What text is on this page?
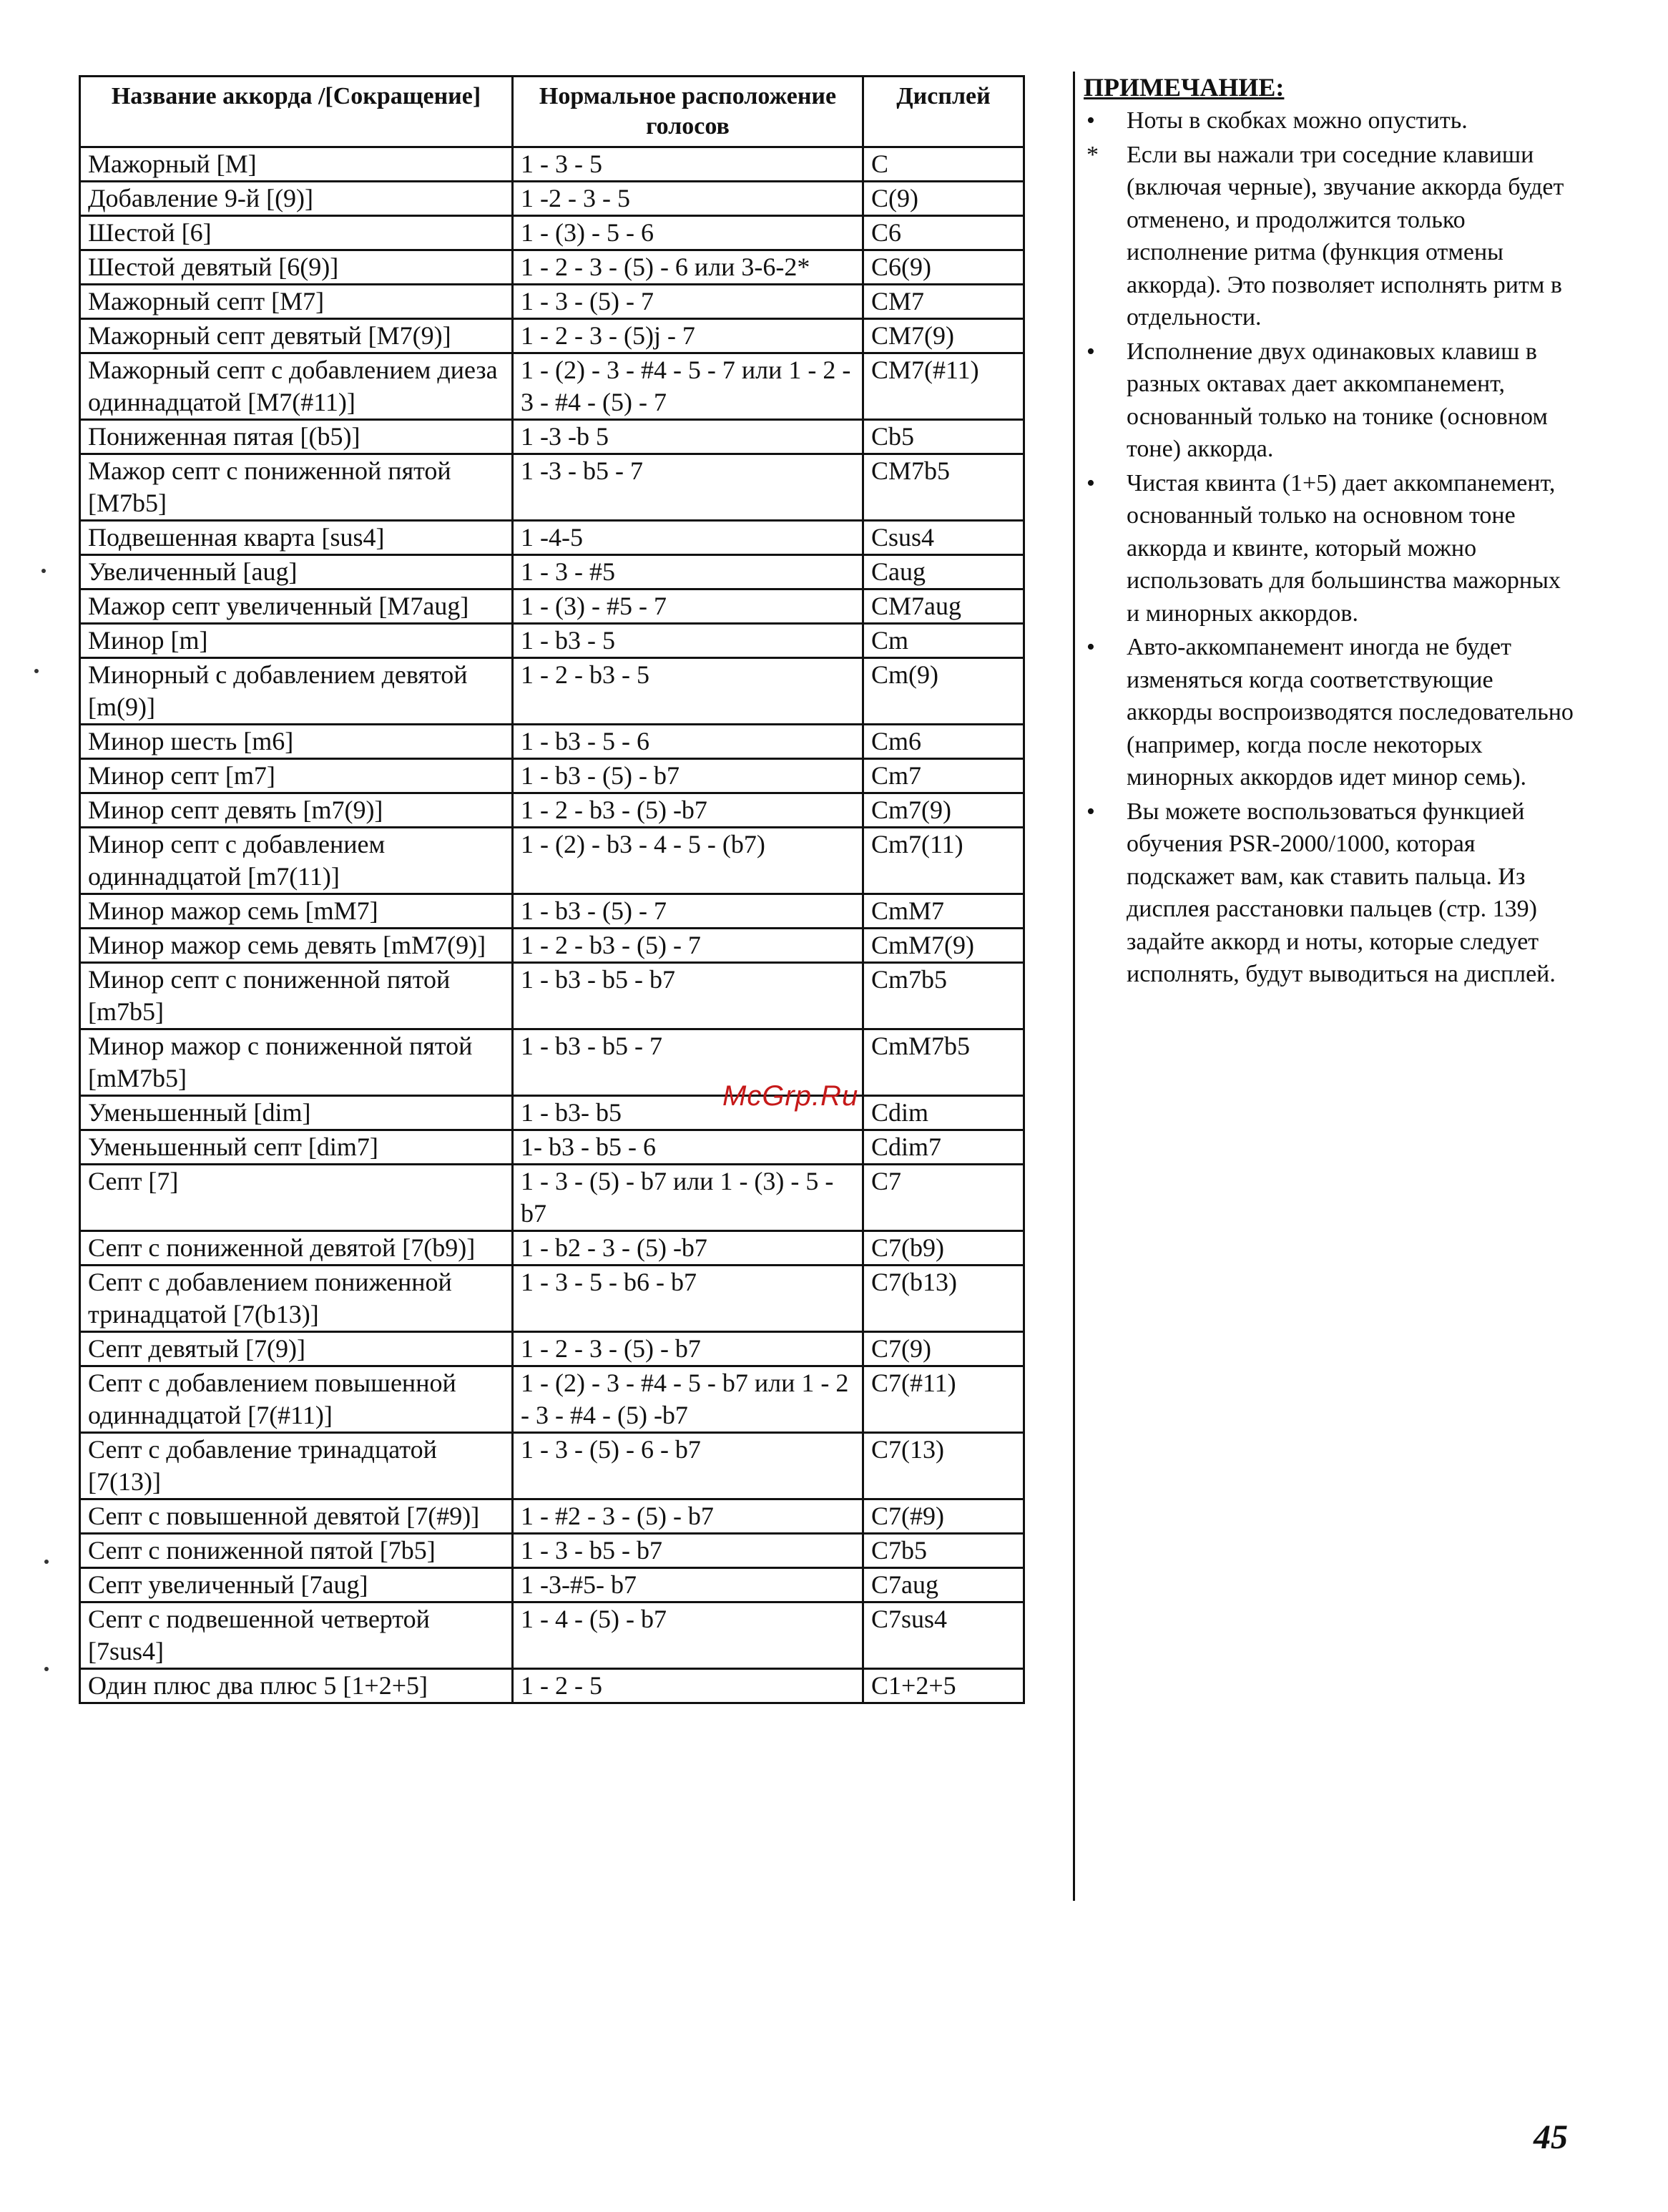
Название аккорда /[Сокращение]	Нормальное расположение голосов	Дисплей
Мажорный [M]	1 - 3 - 5	C
Добавление 9-й [(9)]	1 -2 - 3 - 5	C(9)
Шестой [6]	1 - (3) - 5 - 6	C6
Шестой девятый [6(9)]	1 - 2 - 3 - (5) - 6 или 3-6-2*	C6(9)
Мажорный септ [M7]	1 - 3 - (5) - 7	CM7
Мажорный септ девятый [M7(9)]	1 - 2 - 3 - (5)j - 7	CM7(9)
Мажорный септ с добавлением диеза одиннадцатой [M7(#11)]	1 - (2) - 3 - #4 - 5 - 7 или 1 - 2 - 3 - #4 - (5) - 7	CM7(#11)
Пониженная пятая [(b5)]	1 -3 -b 5	Cb5
Мажор септ с пониженной пятой [M7b5]	1 -3 - b5 - 7	CM7b5
Подвешенная кварта [sus4]	1 -4-5	Csus4
Увеличенный [aug]	1 - 3 - #5	Caug
Мажор септ увеличенный [M7aug]	1 - (3) - #5 - 7	CM7aug
Минор [m]	1 - b3 - 5	Cm
Минорный с добавлением девятой [m(9)]	1 - 2 - b3 - 5	Cm(9)
Минор шесть [m6]	1 - b3 - 5 - 6	Cm6
Минор септ [m7]	1 - b3 - (5) - b7	Cm7
Минор септ девять [m7(9)]	1 - 2 - b3 - (5) -b7	Cm7(9)
Минор септ с добавлением одиннадцатой [m7(11)]	1 - (2) - b3 - 4 - 5 - (b7)	Cm7(11)
Минор мажор семь [mM7]	1 - b3 - (5) - 7	CmM7
Минор мажор семь девять [mM7(9)]	1 - 2 - b3 - (5) - 7	CmM7(9)
Минор септ с пониженной пятой [m7b5]	1 - b3 - b5 - b7	Cm7b5
Минор мажор с пониженной пятой [mM7b5]	1 - b3 - b5 - 7	CmM7b5
Уменьшенный [dim]	1 - b3- b5	Cdim
Уменьшенный септ [dim7]	1- b3 - b5 - 6	Cdim7
Септ [7]	1 - 3 - (5) - b7 или 1 - (3) - 5 - b7	C7
Септ с пониженной девятой [7(b9)]	1 - b2 - 3 - (5) -b7	C7(b9)
Септ с добавлением пониженной тринадцатой [7(b13)]	1 - 3 - 5 - b6 - b7	C7(b13)
Септ девятый [7(9)]	1 - 2 - 3 - (5) - b7	C7(9)
Септ с добавлением повышенной одиннадцатой [7(#11)]	1 - (2) - 3 - #4 - 5 - b7 или 1 - 2 - 3 - #4 - (5) -b7	C7(#11)
Септ с добавление тринадцатой [7(13)]	1 - 3 - (5) - 6 - b7	C7(13)
Септ с повышенной девятой [7(#9)]	1 - #2 - 3 - (5) - b7	C7(#9)
Септ с пониженной пятой [7b5]	1 - 3 - b5 - b7	C7b5
Септ увеличенный [7aug]	1 -3-#5- b7	C7aug
Септ с подвешенной четвертой [7sus4]	1 - 4 - (5) - b7	C7sus4
Один плюс два плюс 5 [1+2+5]	1 - 2 - 5	C1+2+5
ПРИМЕЧАНИЕ:
•	Ноты в скобках можно опустить.
*	Если вы нажали три соседние клавиши (включая черные), звучание аккорда будет отменено, и продолжится только исполнение ритма (функция отмены аккорда). Это позволяет исполнять ритм в отдельности.
•	Исполнение двух одинаковых клавиш в разных октавах дает аккомпанемент, основанный только на тонике (основном тоне) аккорда.
•	Чистая квинта (1+5) дает аккомпанемент, основанный только на основном тоне аккорда и квинте, который можно использовать для большинства мажорных и минорных аккордов.
•	Авто-аккомпанемент иногда не будет изменяться когда соответствующие аккорды воспроизводятся последовательно (например, когда после некоторых минорных аккордов идет минор семь).
•	Вы можете воспользоваться функцией обучения PSR-2000/1000, которая подскажет вам, как ставить пальца. Из дисплея расстановки пальцев (стр. 139) задайте аккорд и ноты, которые следует исполнять, будут выводиться на дисплей.
McGrp.Ru
45
